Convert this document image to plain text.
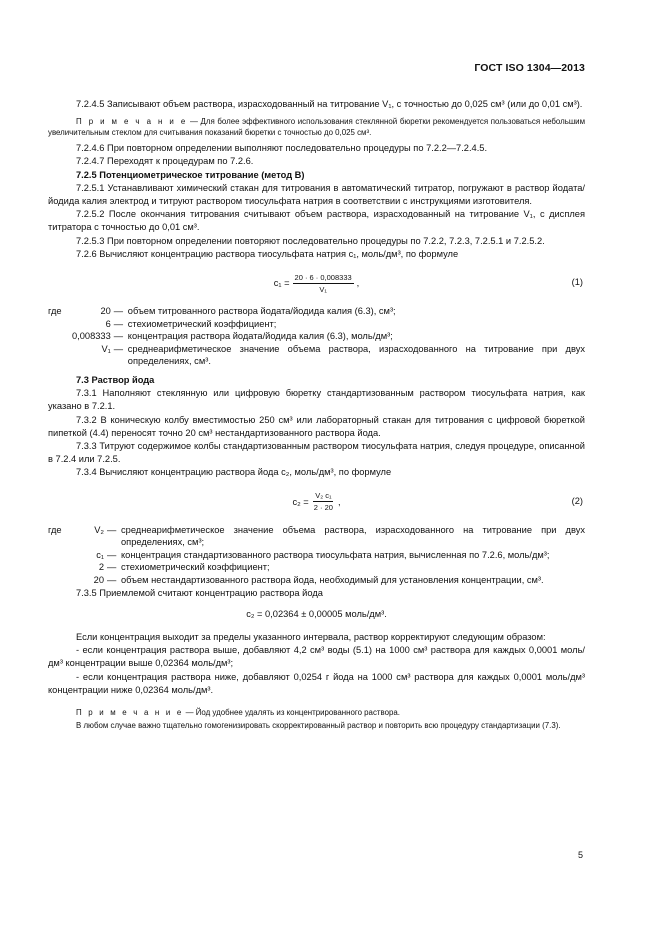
ГОСТ ISO 1304—2013

7.2.4.5 Записывают объем раствора, израсходованный на титрование V₁, с точностью до 0,025 см³ (или до 0,01 см³).

П р и м е ч а н и е — Для более эффективного использования стеклянной бюретки рекомендуется пользоваться небольшим увеличительным стеклом для считывания показаний бюретки с точностью до 0,025 см³.

7.2.4.6 При повторном определении выполняют последовательно процедуры по 7.2.2—7.2.4.5.

7.2.4.7 Переходят к процедурам по 7.2.6.

7.2.5 Потенциометрическое титрование (метод В)

7.2.5.1 Устанавливают химический стакан для титрования в автоматический титратор, погружают в раствор йодата/йодида калия электрод и титруют раствором тиосульфата натрия в соответствии с инструкциями изготовителя.

7.2.5.2 После окончания титрования считывают объем раствора, израсходованный на титрование V₁, с дисплея титратора с точностью до 0,01 см³.

7.2.5.3 При повторном определении повторяют последовательно процедуры по 7.2.2, 7.2.3, 7.2.5.1 и 7.2.5.2.

7.2.6 Вычисляют концентрацию раствора тиосульфата натрия c₁, моль/дм³, по формуле

$c_1 = \frac{20 \cdot 6 \cdot 0,008333}{\text{V₁}}$ ,	(1)
где	20	—	объем титрованного раствора йодата/йодида калия (6.3), см³;
	6	—	стехиометрический коэффициент;
	0,008333	—	концентрация раствора йодата/йодида калия (6.3), моль/дм³;
	V₁	—	среднеарифметическое значение объема раствора, израсходованного на титрование при двух определениях, см³.

7.3 Раствор йода

7.3.1 Наполняют стеклянную или цифровую бюретку стандартизованным раствором тиосульфата натрия, как указано в 7.2.1.

7.3.2 В коническую колбу вместимостью 250 см³ или лабораторный стакан для титрования с цифровой бюреткой пипеткой (4.4) переносят точно 20 см³ нестандартизованного раствора йода.

7.3.3 Титруют содержимое колбы стандартизованным раствором тиосульфата натрия, следуя процедуре, описанной в 7.2.4 или 7.2.5.

7.3.4 Вычисляют концентрацию раствора йода c₂, моль/дм³, по формуле

$c_2 = \frac{\text{V₂ c₁}}{2 \cdot 20}$ ,	(2)
где	V₂	—	среднеарифметическое значение объема раствора, израсходованного на титрование при двух определениях, см³;
	c₁	—	концентрация стандартизованного раствора тиосульфата натрия, вычисленная по 7.2.6, моль/дм³;
	2	—	стехиометрический коэффициент;
	20	—	объем нестандартизованного раствора йода, необходимый для установления концентрации, см³.

7.3.5 Приемлемой считают концентрацию раствора йода

c₂ = 0,02364 ± 0,00005 моль/дм³.

Если концентрация выходит за пределы указанного интервала, раствор корректируют следующим образом:

- если концентрация раствора выше, добавляют 4,2 см³ воды (5.1) на 1000 см³ раствора для каждых 0,0001 моль/дм³ концентрации выше 0,02364 моль/дм³;

- если концентрация раствора ниже, добавляют 0,0254 г йода на 1000 см³ раствора для каждых 0,0001 моль/дм³ концентрации ниже 0,02364 моль/дм³.

П р и м е ч а н и е — Йод удобнее удалять из концентрированного раствора.

В любом случае важно тщательно гомогенизировать скорректированный раствор и повторить всю процедуру стандартизации (7.3).

5
